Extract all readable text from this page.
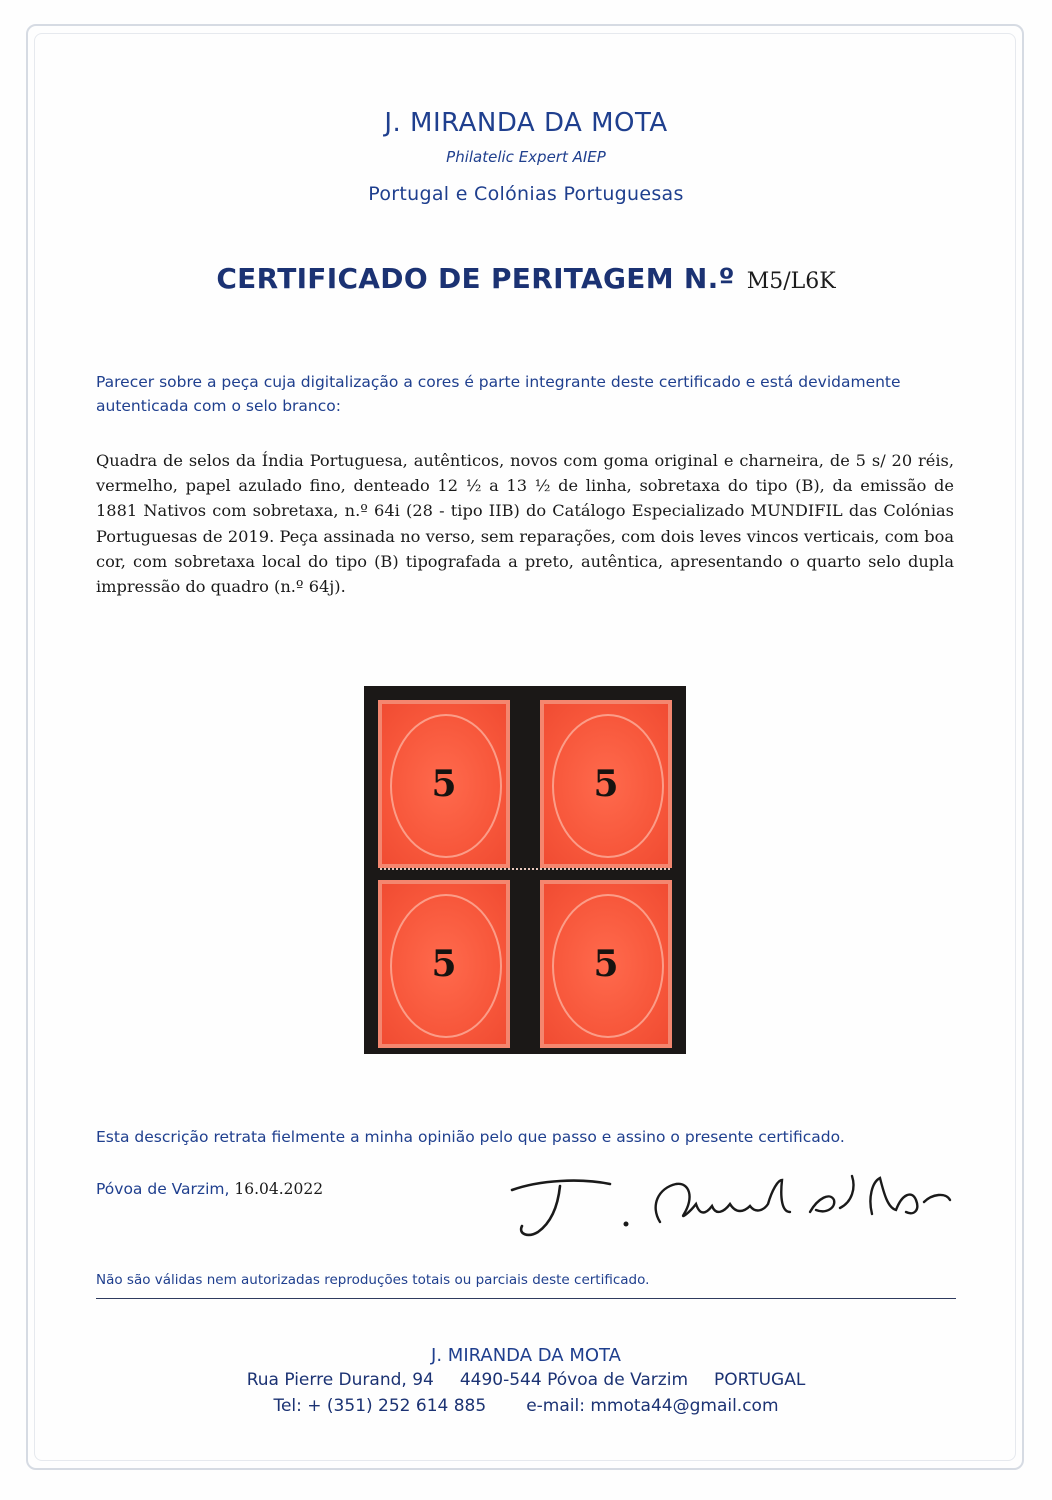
J. MIRANDA DA MOTA
Philatelic Expert AIEP
Portugal e Colónias Portuguesas
CERTIFICADO DE PERITAGEM N.º M5/L6K
Parecer sobre a peça cuja digitalização a cores é parte integrante deste certificado e está devidamente autenticada com o selo branco:
Quadra de selos da Índia Portuguesa, autênticos, novos com goma original e charneira, de 5 s/ 20 réis, vermelho, papel azulado fino, denteado 12 ½ a 13 ½ de linha, sobretaxa do tipo (B), da emissão de 1881 Nativos com sobretaxa, n.º 64i (28 - tipo IIB) do Catálogo Especializado MUNDIFIL das Colónias Portuguesas de 2019. Peça assinada no verso, sem reparações, com dois leves vincos verticais, com boa cor, com sobretaxa local do tipo (B) tipografada a preto, autêntica, apresentando o quarto selo dupla impressão do quadro (n.º 64j).
5	5
5	5
Esta descrição retrata fielmente a minha opinião pelo que passo e assino o presente certificado.
Póvoa de Varzim, 16.04.2022
Não são válidas nem autorizadas reproduções totais ou parciais deste certificado.
J. MIRANDA DA MOTA
Rua Pierre Durand, 94 4490-544 Póvoa de Varzim PORTUGAL
Tel: + (351) 252 614 885 e-mail: mmota44@gmail.com
